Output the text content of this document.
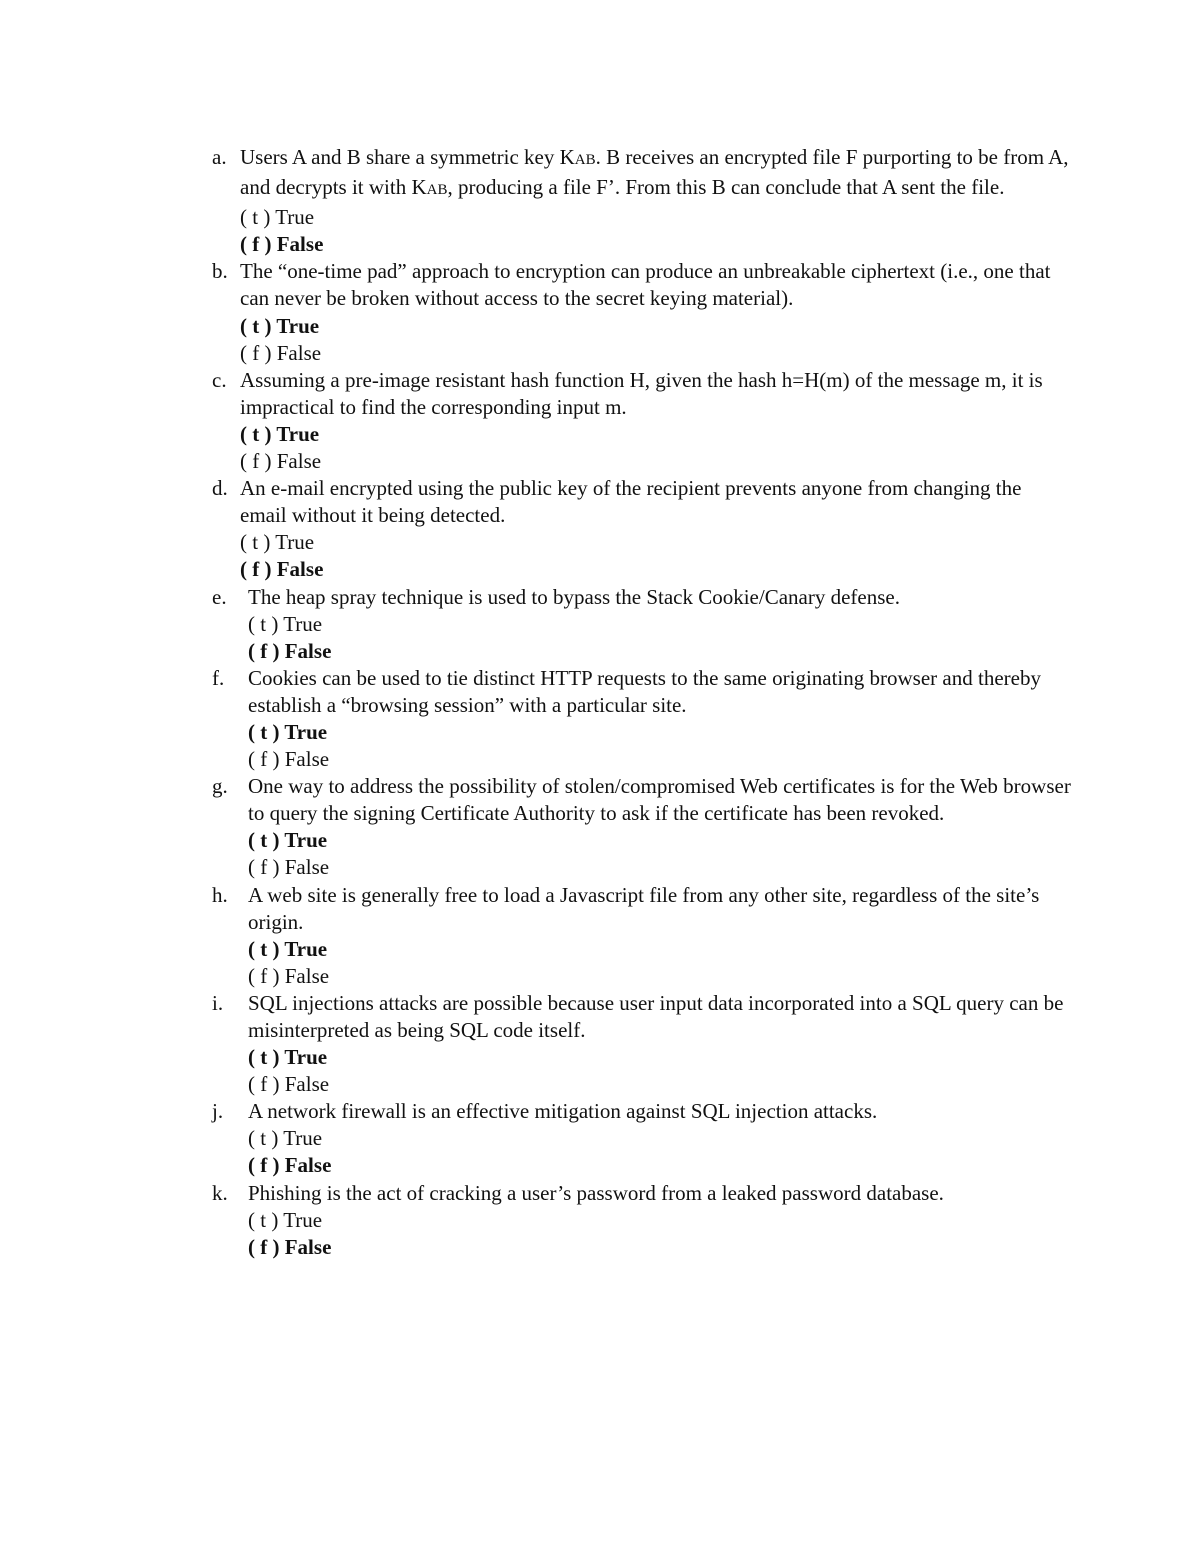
a. Users A and B share a symmetric key KAB. B receives an encrypted file F purporting to be from A, and decrypts it with KAB, producing a file F’. From this B can conclude that A sent the file.
( t ) True
( f ) False
b. The “one-time pad” approach to encryption can produce an unbreakable ciphertext (i.e., one that can never be broken without access to the secret keying material).
( t ) True
( f ) False
c. Assuming a pre-image resistant hash function H, given the hash h=H(m) of the message m, it is impractical to find the corresponding input m.
( t ) True
( f ) False
d. An e-mail encrypted using the public key of the recipient prevents anyone from changing the email without it being detected.
( t ) True
( f ) False
e. The heap spray technique is used to bypass the Stack Cookie/Canary defense.
( t ) True
( f ) False
f. Cookies can be used to tie distinct HTTP requests to the same originating browser and thereby establish a “browsing session” with a particular site.
( t ) True
( f ) False
g. One way to address the possibility of stolen/compromised Web certificates is for the Web browser to query the signing Certificate Authority to ask if the certificate has been revoked.
( t ) True
( f ) False
h. A web site is generally free to load a Javascript file from any other site, regardless of the site’s origin.
( t ) True
( f ) False
i. SQL injections attacks are possible because user input data incorporated into a SQL query can be misinterpreted as being SQL code itself.
( t ) True
( f ) False
j. A network firewall is an effective mitigation against SQL injection attacks.
( t ) True
( f ) False
k. Phishing is the act of cracking a user’s password from a leaked password database.
( t ) True
( f ) False
